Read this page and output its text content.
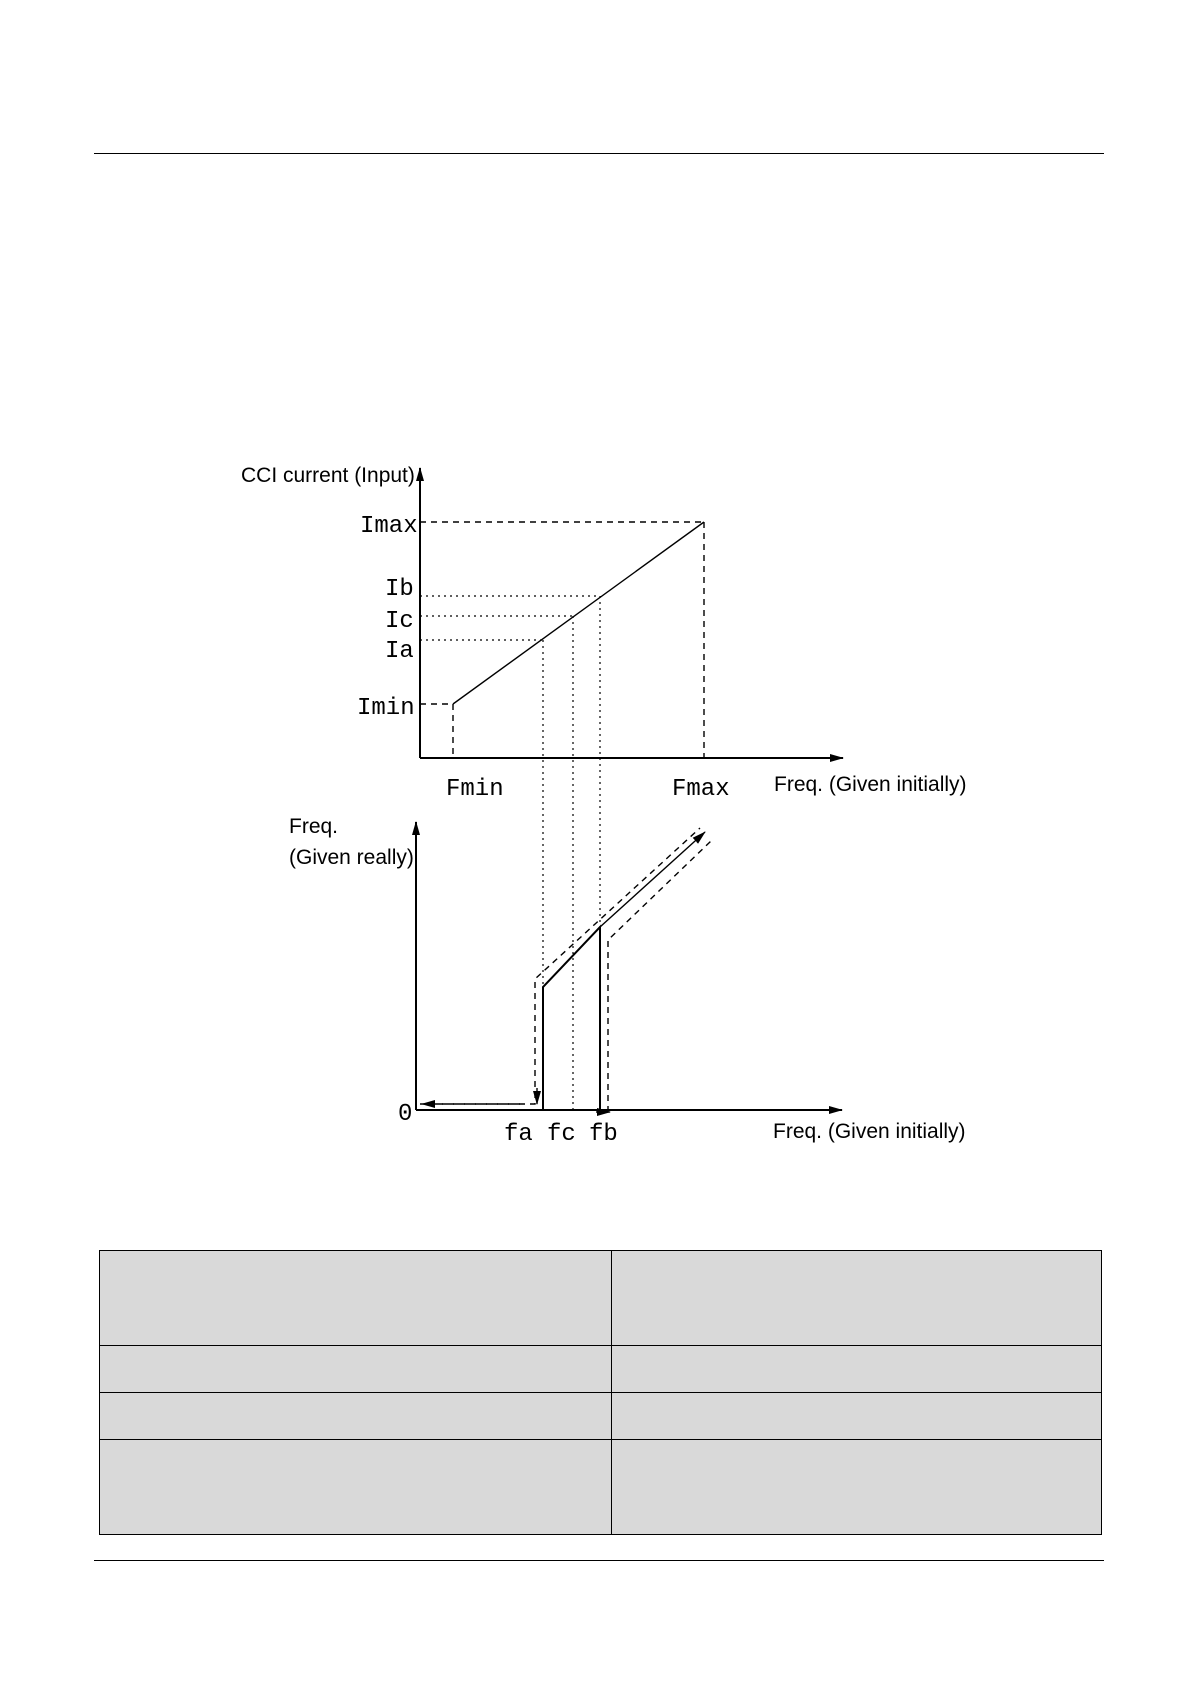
CCI current (Input)
Imax
Ib
Ic
Ia
Imin
Fmin	Fmax Freq. (Given initially)
Freq.
(Given really)
0
fa fc fb	Freq. (Given initially)
